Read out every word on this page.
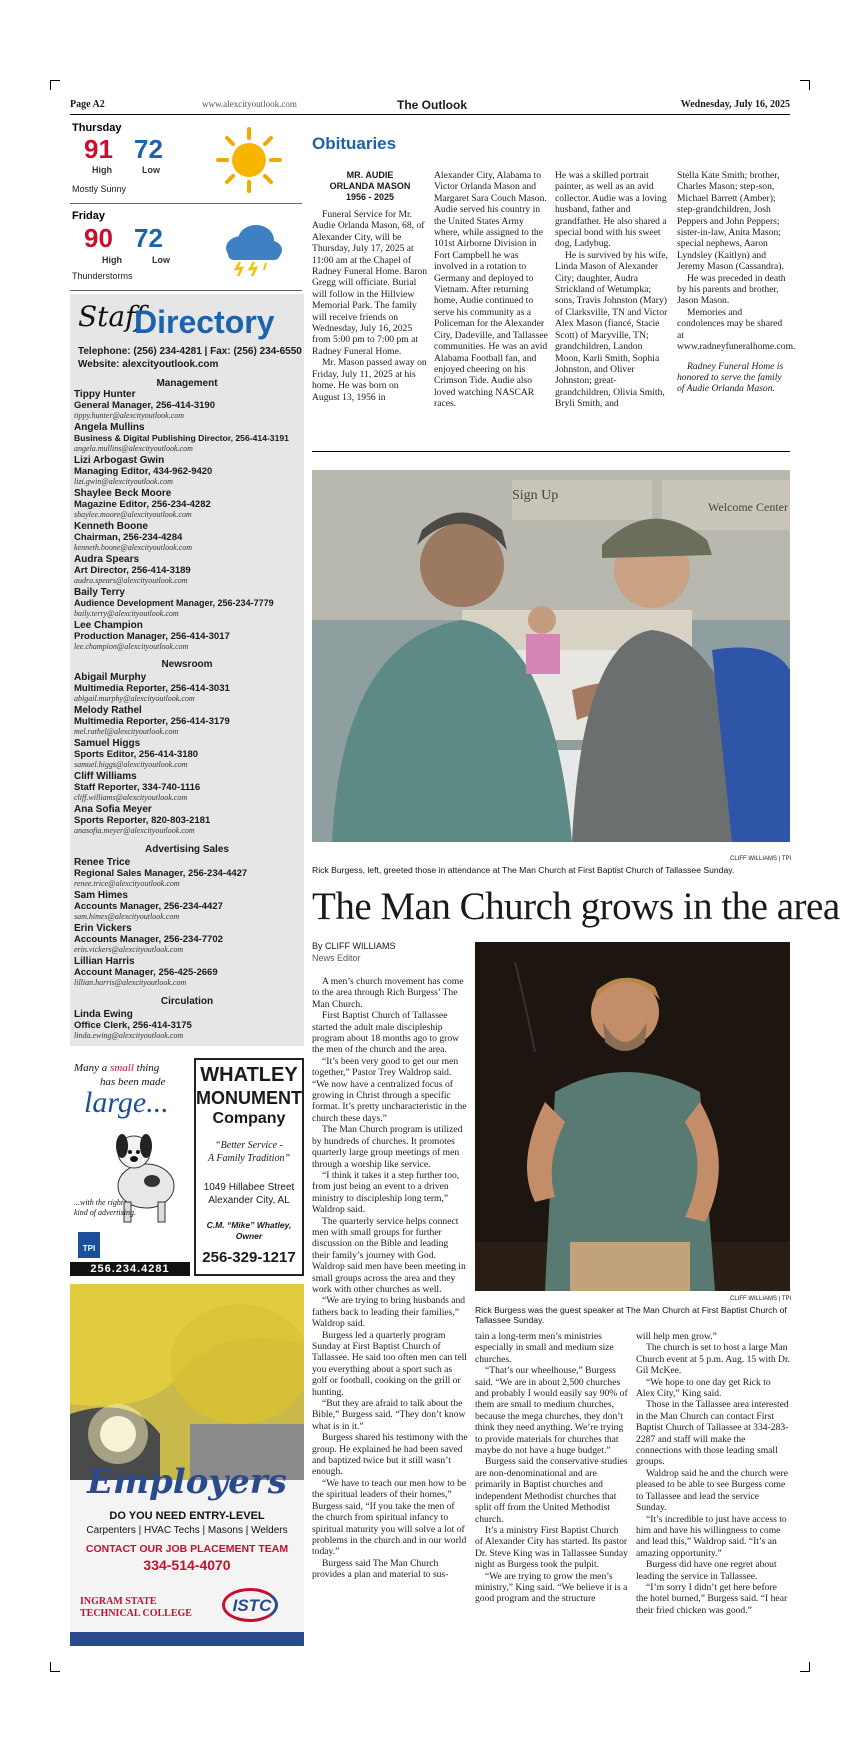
Page A2	www.alexcityoutlook.com	The Outlook	Wednesday, July 16, 2025
Thursday
91 72
High	Low
Mostly Sunny
Friday
90 72
High	Low
Thunderstorms
Staff
Directory
Telephone: (256) 234-4281 | Fax: (256) 234-6550
Website: alexcityoutlook.com
Management
Tippy Hunter
General Manager, 256-414-3190
tippy.hunter@alexcityoutlook.com
Angela Mullins
Business & Digital Publishing Director, 256-414-3191
angela.mullins@alexcityoutlook.com
Lizi Arbogast Gwin
Managing Editor, 434-962-9420
lizi.gwin@alexcityoutlook.com
Shaylee Beck Moore
Magazine Editor, 256-234-4282
shaylee.moore@alexcityoutlook.com
Kenneth Boone
Chairman, 256-234-4284
kenneth.boone@alexcityoutlook.com
Audra Spears
Art Director, 256-414-3189
audra.spears@alexcityoutlook.com
Baily Terry
Audience Development Manager, 256-234-7779
baily.terry@alexcityoutlook.com
Lee Champion
Production Manager, 256-414-3017
lee.champion@alexcityoutlook.com
Newsroom
Abigail Murphy
Multimedia Reporter, 256-414-3031
abigail.murphy@alexcityoutlook.com
Melody Rathel
Multimedia Reporter, 256-414-3179
mel.rathel@alexcityoutlook.com
Samuel Higgs
Sports Editor, 256-414-3180
samuel.higgs@alexcityoutlook.com
Cliff Williams
Staff Reporter, 334-740-1116
cliff.williams@alexcityoutlook.com
Ana Sofia Meyer
Sports Reporter, 820-803-2181
anasofia.meyer@alexcityoutlook.com
Advertising Sales
Renee Trice
Regional Sales Manager, 256-234-4427
renee.trice@alexcityoutlook.com
Sam Himes
Accounts Manager, 256-234-4427
sam.himes@alexcityoutlook.com
Erin Vickers
Accounts Manager, 256-234-7702
erin.vickers@alexcityoutlook.com
Lillian Harris
Account Manager, 256-425-2669
lillian.harris@alexcityoutlook.com
Circulation
Linda Ewing
Office Clerk, 256-414-3175
linda.ewing@alexcityoutlook.com
Many a small thing
has been made
large...
...with the right
kind of advertising.
TPI
256.234.4281
WHATLEY
MONUMENT
Company
“Better Service -
A Family Tradition”
1049 Hillabee Street
Alexander City, AL
C.M. “Mike” Whatley,
Owner
256-329-1217
Employers
DO YOU NEED ENTRY-LEVEL
Carpenters | HVAC Techs | Masons | Welders
CONTACT OUR JOB PLACEMENT TEAM
334-514-4070
INGRAM STATE
TECHNICAL COLLEGE	ISTC
Obituaries
MR. AUDIE
ORLANDA MASON
1956 - 2025

Funeral Service for Mr. Audie Orlanda Mason, 68, of Alexander City, will be Thursday, July 17, 2025 at 11:00 am at the Chapel of Radney Funeral Home. Baron Gregg will officiate. Burial will follow in the Hillview Memorial Park. The family will receive friends on Wednesday, July 16, 2025 from 5:00 pm to 7:00 pm at Radney Funeral Home.

Mr. Mason passed away on Friday, July 11, 2025 at his home. He was born on August 13, 1956 in

Alexander City, Alabama to Victor Orlanda Mason and Margaret Sara Couch Mason. Audie served his country in the United States Army where, while assigned to the 101st Airborne Division in Fort Campbell he was involved in a rotation to Germany and deployed to Vietnam. After returning home, Audie continued to serve his community as a Policeman for the Alexander City, Dadeville, and Tallassee communities. He was an avid Alabama Football fan, and enjoyed cheering on his Crimson Tide. Audie also loved watching NASCAR races.

He was a skilled portrait painter, as well as an avid collector. Audie was a loving husband, father and grandfather. He also shared a special bond with his sweet dog, Ladybug.

He is survived by his wife, Linda Mason of Alexander City; daughter, Audra Strickland of Wetumpka; sons, Travis Johnston (Mary) of Clarksville, TN and Victor Alex Mason (fiancé, Stacie Scott) of Maryville, TN; grandchildren, Landon Moon, Karli Smith, Sophia Johnston, and Oliver Johnston; great-grandchildren, Olivia Smith, Bryli Smith, and

Stella Kate Smith; brother, Charles Mason; step-son, Michael Barrett (Amber); step-grandchildren, Josh Peppers and John Peppers; sister-in-law, Anita Mason; special nephews, Aaron Lyndsley (Kaitlyn) and Jeremy Mason (Cassandra).

He was preceded in death by his parents and brother, Jason Mason.

Memories and condolences may be shared at www.radneyfuneralhome.com.

Radney Funeral Home is honored to serve the family of Audie Orlanda Mason.

Sign Up
Welcome Center
CLIFF WILLIAMS | TPI
Rick Burgess, left, greeted those in attendance at The Man Church at First Baptist Church of Tallassee Sunday.
The Man Church grows in the area
By CLIFF WILLIAMS
News Editor

A men’s church movement has come to the area through Rich Burgess’ The Man Church.

First Baptist Church of Tallassee started the adult male discipleship program about 18 months ago to grow the men of the church and the area.

“It’s been very good to get our men together,” Pastor Trey Waldrop said. “We now have a centralized focus of growing in Christ through a specific format. It’s pretty uncharacteristic in the church these days.”

The Man Church program is utilized by hundreds of churches. It promotes quarterly large group meetings of men through a worship like service.

“I think it takes it a step further too, from just being an event to a driven ministry to discipleship long term,” Waldrop said.

The quarterly service helps connect men with small groups for further discussion on the Bible and leading their family’s journey with God. Waldrop said men have been meeting in small groups across the area and they work with other churches as well.

“We are trying to bring husbands and fathers back to leading their families,” Waldrop said.

Burgess led a quarterly program Sunday at First Baptist Church of Tallassee. He said too often men can tell you everything about a sport such as golf or football, cooking on the grill or hunting.

“But they are afraid to talk about the Bible,” Burgess said. “They don’t know what is in it.”

Burgess shared his testimony with the group. He explained he had been saved and baptized twice but it still wasn’t enough.

“We have to teach our men how to be the spiritual leaders of their homes,” Burgess said, “If you take the men of the church from spiritual infancy to spiritual maturity you will solve a lot of problems in the church and in our world today.”

Burgess said The Man Church provides a plan and material to sus-

CLIFF WILLIAMS | TPI
Rick Burgess was the guest speaker at The Man Church at First Baptist Church of Tallassee Sunday.

tain a long-term men’s ministries especially in small and medium size churches.

“That’s our wheelhouse,” Burgess said. “We are in about 2,500 churches and probably I would easily say 90% of them are small to medium churches, because the mega churches, they don’t think they need anything. We’re trying to provide materials for churches that maybe do not have a huge budget.”

Burgess said the conservative studies are non-denominational and are primarily in Baptist churches and independent Methodist churches that split off from the United Methodist church.

It’s a ministry First Baptist Church of Alexander City has started. Its pastor Dr. Steve King was in Tallassee Sunday night as Burgess took the pulpit.

“We are trying to grow the men’s ministry,” King said. “We believe it is a good program and the structure

will help men grow.”

The church is set to host a large Man Church event at 5 p.m. Aug. 15 with Dr. Gil McKee.

“We hope to one day get Rick to Alex City,” King said.

Those in the Tallassee area interested in the Man Church can contact First Baptist Church of Tallassee at 334-283-2287 and staff will make the connections with those leading small groups.

Waldrop said he and the church were pleased to be able to see Burgess come to Tallassee and lead the service Sunday.

“It’s incredible to just have access to him and have his willingness to come and lead this,” Waldrop said. “It’s an amazing opportunity.”

Burgess did have one regret about leading the service in Tallassee.

“I’m sorry I didn’t get here before the hotel burned,” Burgess said. “I hear their fried chicken was good.”
